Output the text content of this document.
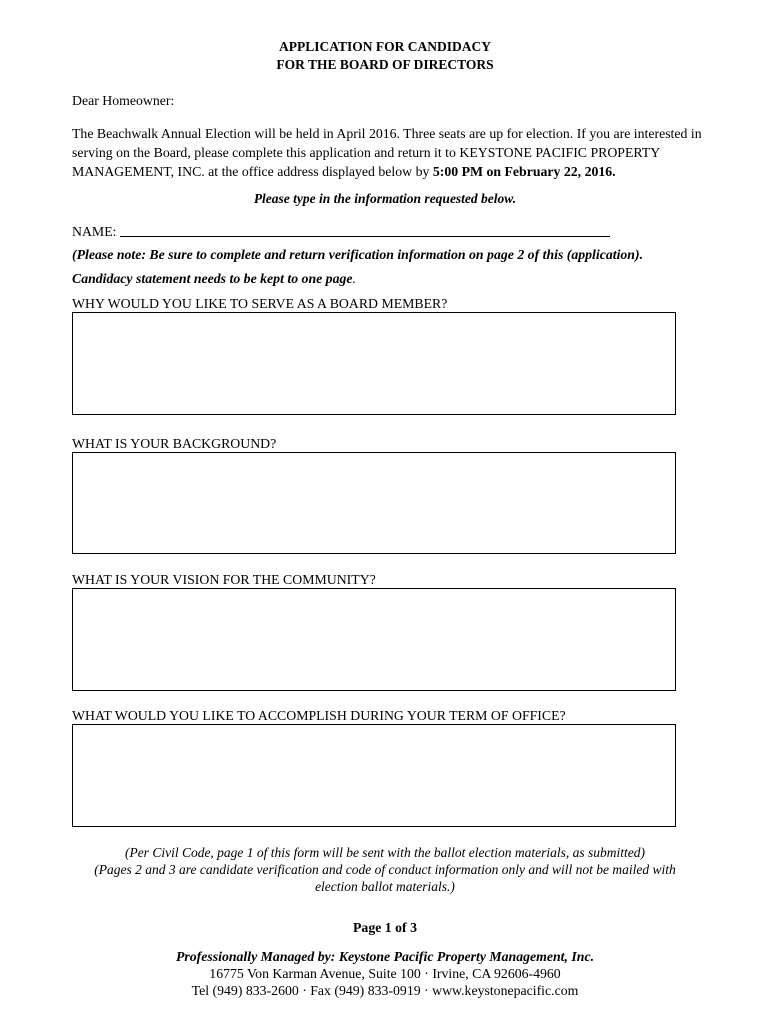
APPLICATION FOR CANDIDACY
FOR THE BOARD OF DIRECTORS
Dear Homeowner:
The Beachwalk Annual Election will be held in April 2016. Three seats are up for election. If you are interested in serving on the Board, please complete this application and return it to KEYSTONE PACIFIC PROPERTY MANAGEMENT, INC. at the office address displayed below by 5:00 PM on February 22, 2016.
Please type in the information requested below.
NAME:
(Please note: Be sure to complete and return verification information on page 2 of this (application).
Candidacy statement needs to be kept to one page.
WHY WOULD YOU LIKE TO SERVE AS A BOARD MEMBER?
WHAT IS YOUR BACKGROUND?
WHAT IS YOUR VISION FOR THE COMMUNITY?
WHAT WOULD YOU LIKE TO ACCOMPLISH DURING YOUR TERM OF OFFICE?
(Per Civil Code, page 1 of this form will be sent with the ballot election materials, as submitted)
(Pages 2 and 3 are candidate verification and code of conduct information only and will not be mailed with
election ballot materials.)
Page 1 of 3
Professionally Managed by: Keystone Pacific Property Management, Inc.
16775 Von Karman Avenue, Suite 100 · Irvine, CA 92606-4960
Tel (949) 833-2600 · Fax (949) 833-0919 · www.keystonepacific.com
